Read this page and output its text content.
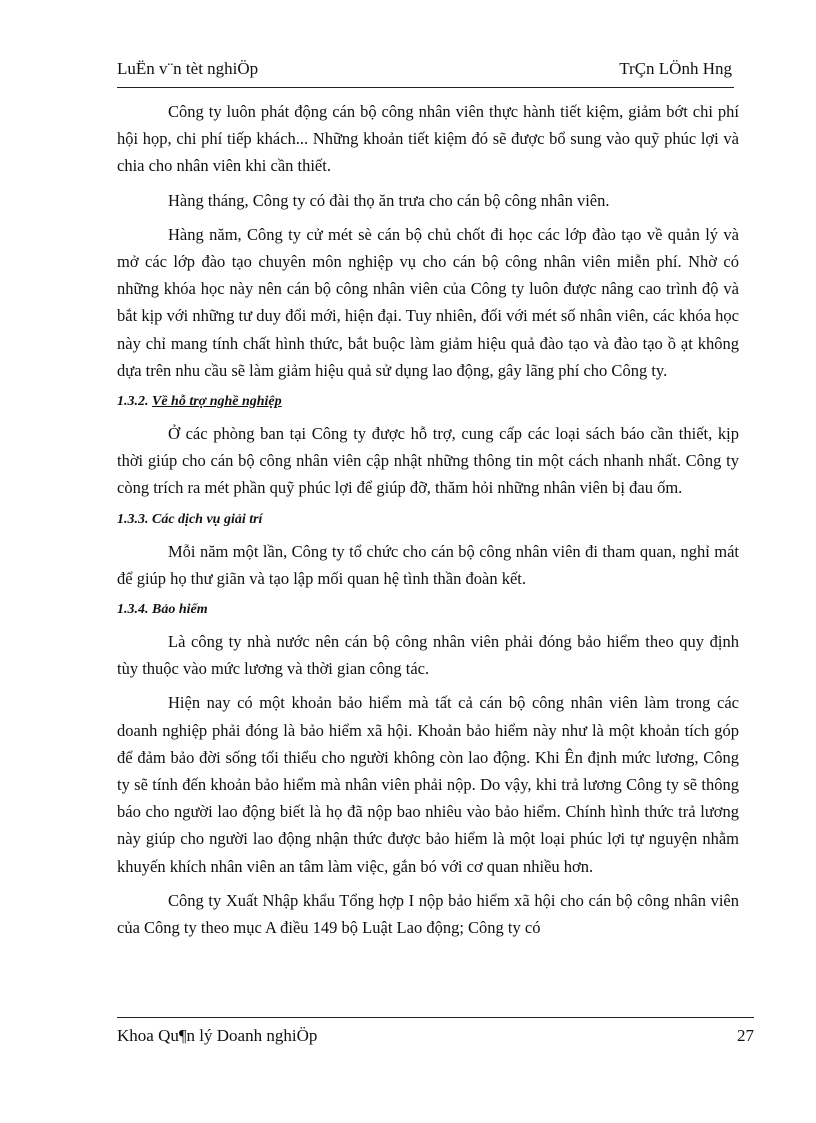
LuËn v¨n tèt nghiÖp	TrÇn LÖnh Hng

Công ty luôn phát động cán bộ công nhân viên thực hành tiết kiệm, giảm bớt chi phí hội họp, chi phí tiếp khách... Những khoản tiết kiệm đó sẽ được bổ sung vào quỹ phúc lợi và chia cho nhân viên khi cần thiết.

Hàng tháng, Công ty có đài thọ ăn trưa cho cán bộ công nhân viên.

Hàng năm, Công ty cử mét sè cán bộ chủ chốt đi học các lớp đào tạo về quản lý và mở các lớp đào tạo chuyên môn nghiệp vụ cho cán bộ công nhân viên miễn phí. Nhờ có những khóa học này nên cán bộ công nhân viên của Công ty luôn được nâng cao trình độ và bắt kịp với những tư duy đổi mới, hiện đại. Tuy nhiên, đối với mét số nhân viên, các khóa học này chỉ mang tính chất hình thức, bắt buộc làm giảm hiệu quả đào tạo và đào tạo ồ ạt không dựa trên nhu cầu sẽ làm giảm hiệu quả sử dụng lao động, gây lãng phí cho Công ty.

1.3.2. Về hỗ trợ nghề nghiệp

Ở các phòng ban tại Công ty được hỗ trợ, cung cấp các loại sách báo cần thiết, kịp thời giúp cho cán bộ công nhân viên cập nhật những thông tin một cách nhanh nhất. Công ty còng trích ra mét phần quỹ phúc lợi để giúp đỡ, thăm hỏi những nhân viên bị đau ốm.

1.3.3. Các dịch vụ giải trí

Mỗi năm một lần, Công ty tổ chức cho cán bộ công nhân viên đi tham quan, nghỉ mát để giúp họ thư giãn và tạo lập mối quan hệ tình thần đoàn kết.

1.3.4. Bảo hiểm

Là công ty nhà nước nên cán bộ công nhân viên phải đóng bảo hiểm theo quy định tùy thuộc vào mức lương và thời gian công tác.

Hiện nay có một khoản bảo hiểm mà tất cả cán bộ công nhân viên làm trong các doanh nghiệp phải đóng là bảo hiểm xã hội. Khoản bảo hiểm này như là một khoản tích góp để đảm bảo đời sống tối thiểu cho người không còn lao động. Khi Ên định mức lương, Công ty sẽ tính đến khoản bảo hiểm mà nhân viên phải nộp. Do vậy, khi trả lương Công ty sẽ thông báo cho người lao động biết là họ đã nộp bao nhiêu vào bảo hiểm. Chính hình thức trả lương này giúp cho người lao động nhận thức được bảo hiểm là một loại phúc lợi tự nguyện nhằm khuyến khích nhân viên an tâm làm việc, gắn bó với cơ quan nhiều hơn.

Công ty Xuất Nhập khẩu Tổng hợp I nộp bảo hiểm xã hội cho cán bộ công nhân viên của Công ty theo mục A điều 149 bộ Luật Lao động; Công ty có

Khoa Qu¶n lý Doanh nghiÖp	27
